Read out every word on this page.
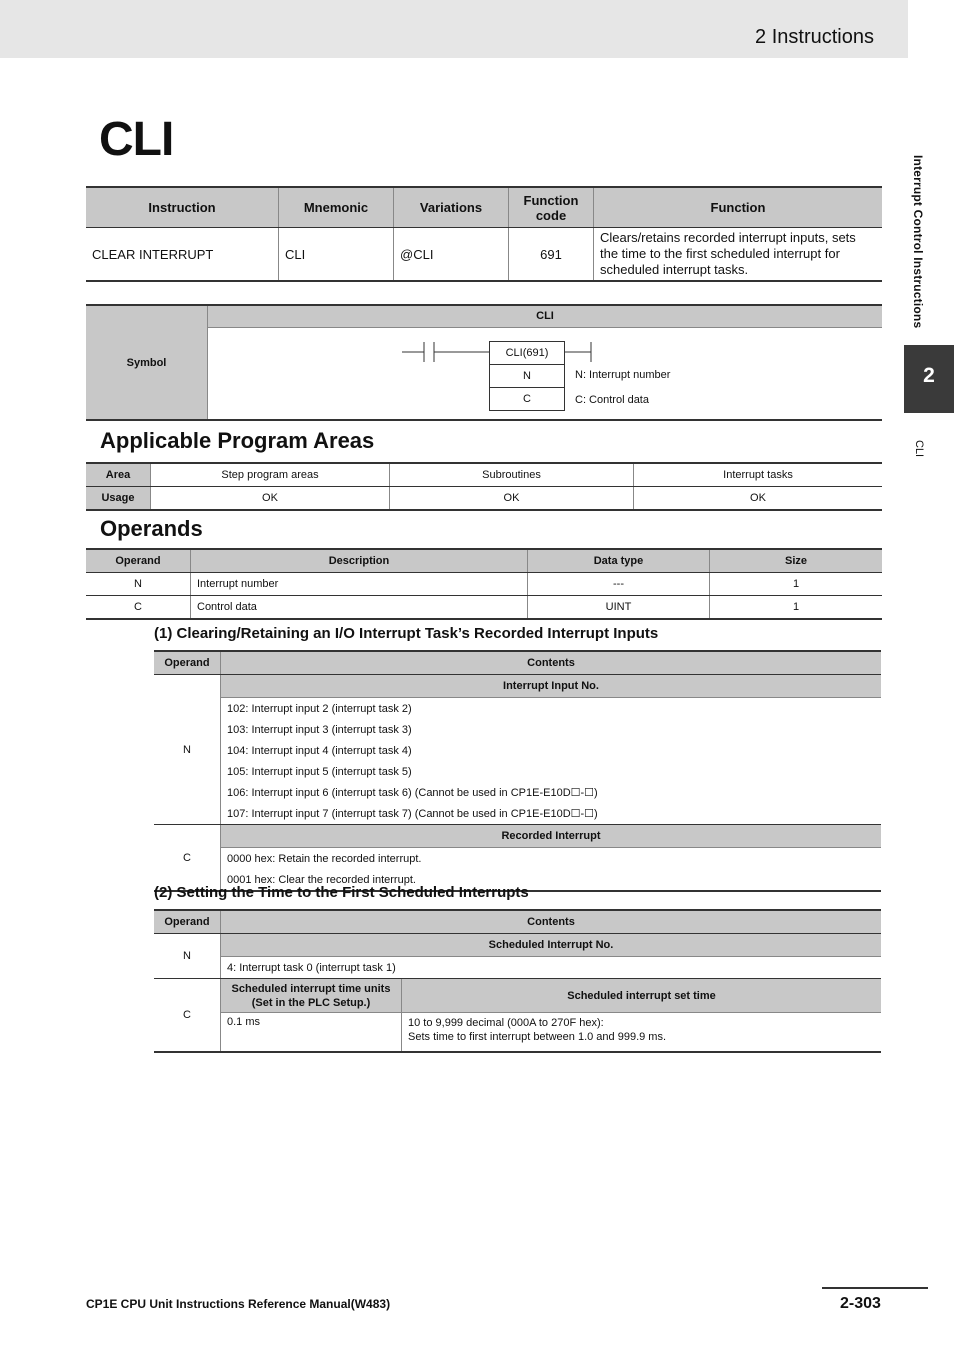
2 Instructions
Interrupt Control Instructions
2
CLI
CLI
Instruction	Mnemonic	Variations	Function code	Function
CLEAR INTERRUPT	CLI	@CLI	691	Clears/retains recorded interrupt inputs, sets the time to the first scheduled interrupt for scheduled interrupt tasks.
Symbol
CLI
CLI(691)
N
C
N: Interrupt number
C: Control data
Applicable Program Areas
Area	Step program areas	Subroutines	Interrupt tasks
Usage	OK	OK	OK
Operands
Operand	Description	Data type	Size
N	Interrupt number	---	1
C	Control data	UINT	1
(1) Clearing/Retaining an I/O Interrupt Task’s Recorded Interrupt Inputs
Operand	Contents
N	Interrupt Input No.
	102: Interrupt input 2 (interrupt task 2)
	103: Interrupt input 3 (interrupt task 3)
	104: Interrupt input 4 (interrupt task 4)
	105: Interrupt input 5 (interrupt task 5)
	106: Interrupt input 6 (interrupt task 6) (Cannot be used in CP1E-E10D☐-☐)
	107: Interrupt input 7 (interrupt task 7) (Cannot be used in CP1E-E10D☐-☐)
C	Recorded Interrupt
	0000 hex: Retain the recorded interrupt.
	0001 hex: Clear the recorded interrupt.
(2) Setting the Time to the First Scheduled Interrupts
Operand	Contents	
N	Scheduled Interrupt No.	
	4: Interrupt task 0 (interrupt task 1)	
C	Scheduled interrupt time units (Set in the PLC Setup.)	Scheduled interrupt set time
	0.1 ms	10 to 9,999 decimal (000A to 270F hex):
Sets time to first interrupt between 1.0 and 999.9 ms.
CP1E CPU Unit Instructions Reference Manual(W483)	2-303
